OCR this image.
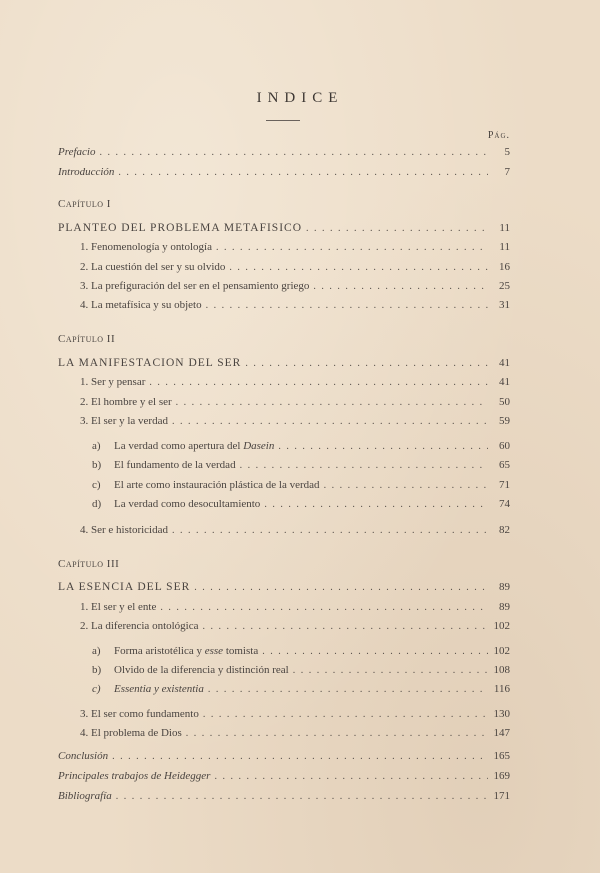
INDICE
Pág.
Prefacio . . .	5
Introducción . . .	7
Capítulo I
PLANTEO DEL PROBLEMA METAFISICO . . .	11
1. Fenomenología y ontología . . .	11
2. La cuestión del ser y su olvido . . .	16
3. La prefiguración del ser en el pensamiento griego . . .	25
4. La metafísica y su objeto . . .	31
Capítulo II
LA MANIFESTACION DEL SER . . .	41
1. Ser y pensar . . .	41
2. El hombre y el ser . . .	50
3. El ser y la verdad . . .	59
a) La verdad como apertura del Dasein . . .	60
b) El fundamento de la verdad . . .	65
c) El arte como instauración plástica de la verdad . . .	71
d) La verdad como desocultamiento . . .	74
4. Ser e historicidad . . .	82
Capítulo III
LA ESENCIA DEL SER . . .	89
1. El ser y el ente . . .	89
2. La diferencia ontológica . . .	102
a) Forma aristotélica y esse tomista . . .	102
b) Olvido de la diferencia y distinción real . . .	108
c) Essentia y existentia . . .	116
3. El ser como fundamento . . .	130
4. El problema de Dios . . .	147
Conclusión . . .	165
Principales trabajos de Heidegger . . .	169
Bibliografía . . .	171
